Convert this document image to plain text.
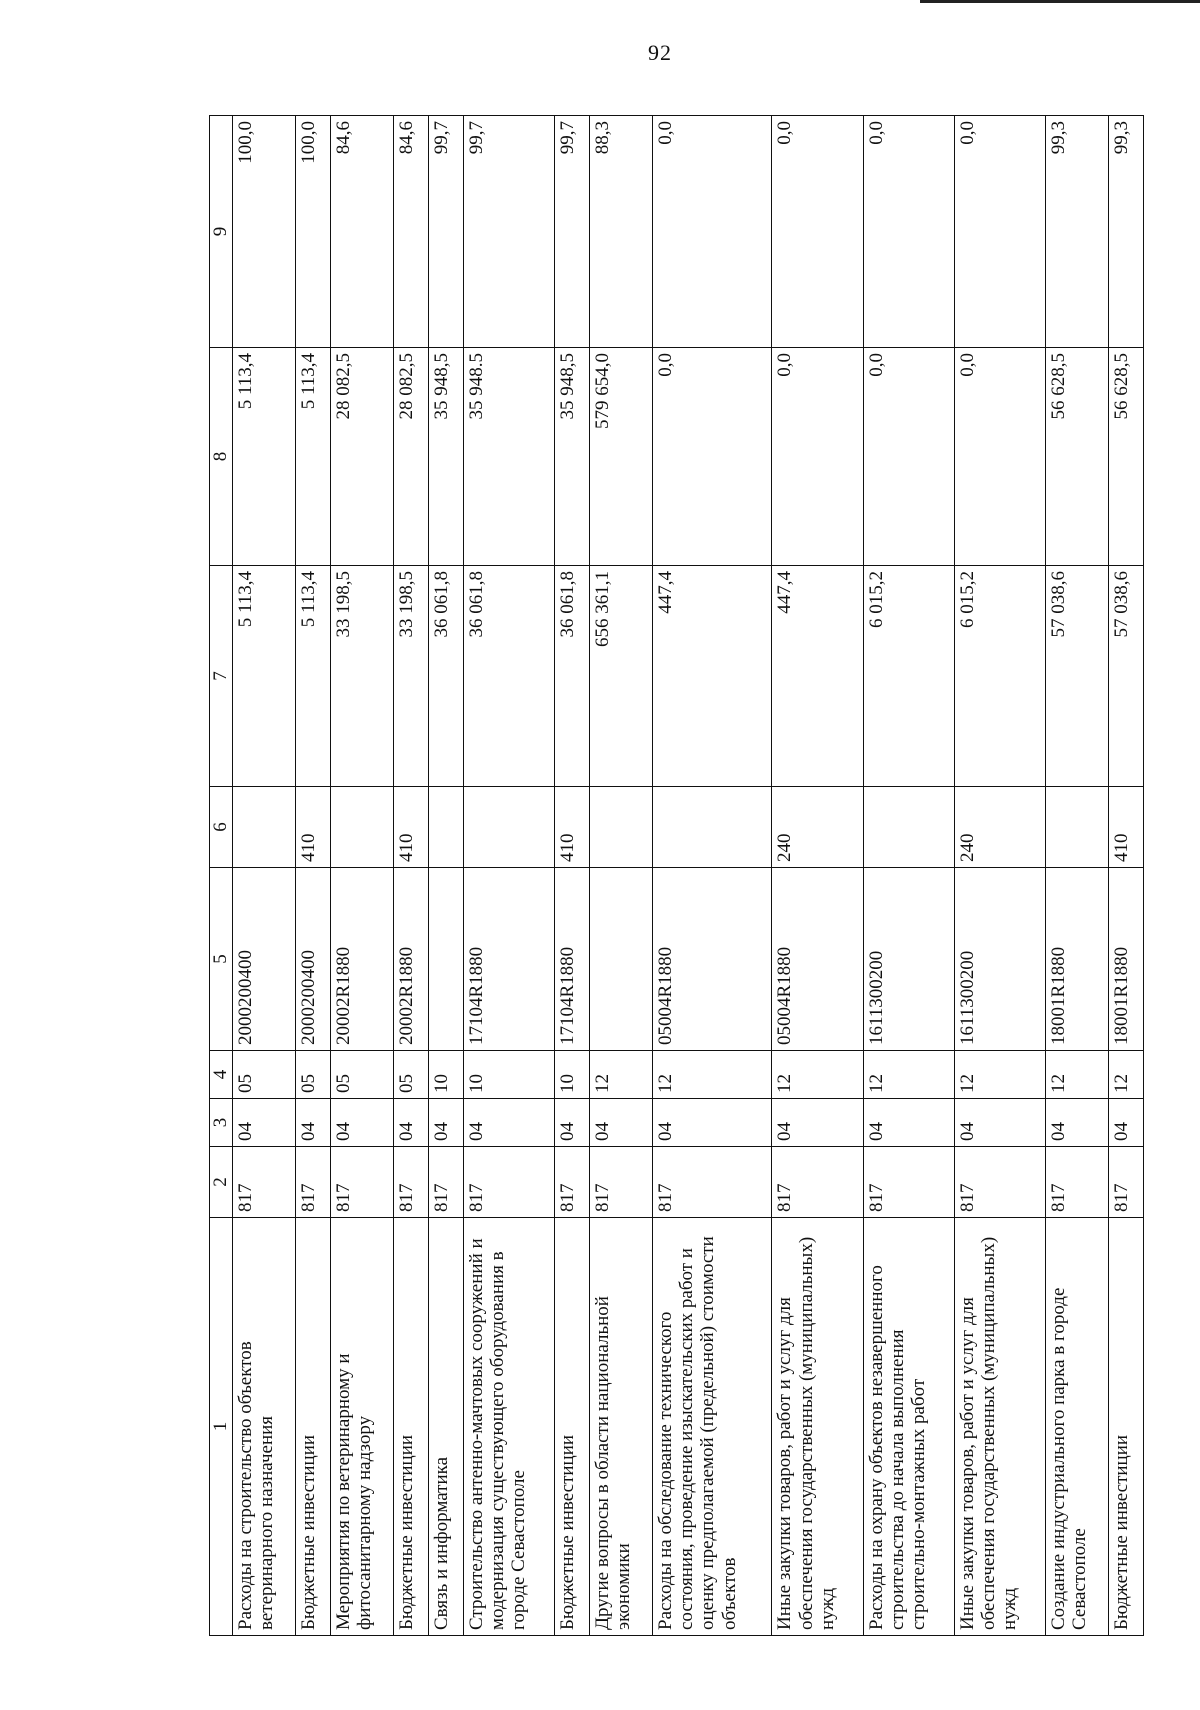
92
1	2	3	4	5	6	7	8	9
Расходы на строительство объектов ветеринарного назначения	817	04	05	2000200400		5 113,4	5 113,4	100,0
Бюджетные инвестиции	817	04	05	2000200400	410	5 113,4	5 113,4	100,0
Мероприятия по ветеринарному и фитосанитарному надзору	817	04	05	20002R1880		33 198,5	28 082,5	84,6
Бюджетные инвестиции	817	04	05	20002R1880	410	33 198,5	28 082,5	84,6
Связь и информатика	817	04	10			36 061,8	35 948,5	99,7
Строительство антенно-мачтовых сооружений и модернизация существующего оборудования в городе Севастополе	817	04	10	17104R1880		36 061,8	35 948.5	99,7
Бюджетные инвестиции	817	04	10	17104R1880	410	36 061,8	35 948,5	99,7
Другие вопросы в области национальной экономики	817	04	12			656 361,1	579 654,0	88,3
Расходы на обследование технического состояния, проведение изыскательских работ и оценку предполагаемой (предельной) стоимости объектов	817	04	12	05004R1880		447,4	0,0	0,0
Иные закупки товаров, работ и услуг для обеспечения государственных (муниципальных) нужд	817	04	12	05004R1880	240	447,4	0,0	0,0
Расходы на охрану объектов незавершенного строительства до начала выполнения строительно-монтажных работ	817	04	12	1611300200		6 015,2	0,0	0,0
Иные закупки товаров, работ и услуг для обеспечения государственных (муниципальных) нужд	817	04	12	1611300200	240	6 015,2	0,0	0,0
Создание индустриального парка в городе Севастополе	817	04	12	18001R1880		57 038,6	56 628,5	99,3
Бюджетные инвестиции	817	04	12	18001R1880	410	57 038,6	56 628,5	99,3
